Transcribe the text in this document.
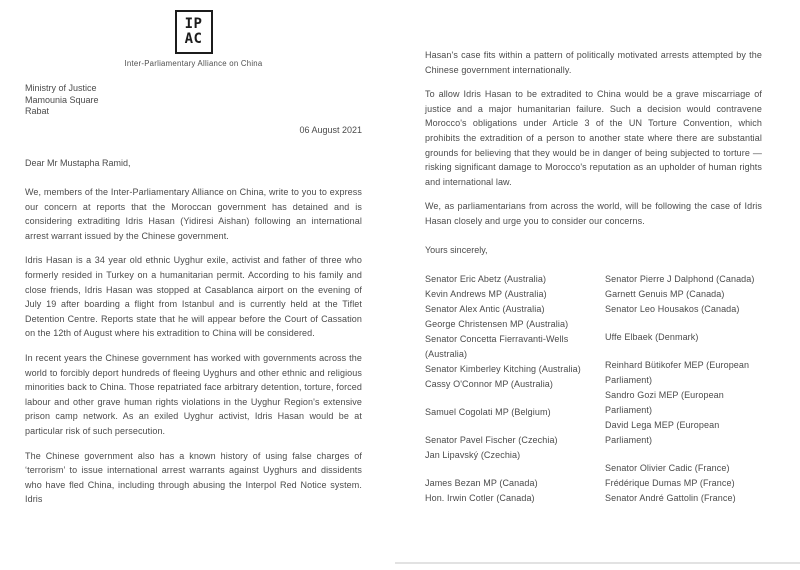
IP
AC
Inter-Parliamentary Alliance on China
Ministry of Justice
Mamounia Square
Rabat
06 August 2021
Dear Mr Mustapha Ramid,

We, members of the Inter-Parliamentary Alliance on China, write to you to express our concern at reports that the Moroccan government has detained and is considering extraditing Idris Hasan (Yidiresi Aishan) following an international arrest warrant issued by the Chinese government.

Idris Hasan is a 34 year old ethnic Uyghur exile, activist and father of three who formerly resided in Turkey on a humanitarian permit. According to his family and close friends, Idris Hasan was stopped at Casablanca airport on the evening of July 19 after boarding a flight from Istanbul and is currently held at the Tiflet Detention Centre. Reports state that he will appear before the Court of Cassation on the 12th of August where his extradition to China will be considered.

In recent years the Chinese government has worked with governments across the world to forcibly deport hundreds of fleeing Uyghurs and other ethnic and religious minorities back to China. Those repatriated face arbitrary detention, torture, forced labour and other grave human rights violations in the Uyghur Region's extensive prison camp network. As an exiled Uyghur activist, Idris Hasan would be at particular risk of such persecution.

The Chinese government also has a known history of using false charges of ‘terrorism’ to issue international arrest warrants against Uyghurs and dissidents who have fled China, including through abusing the Interpol Red Notice system. Idris

Hasan's case fits within a pattern of politically motivated arrests attempted by the Chinese government internationally.

To allow Idris Hasan to be extradited to China would be a grave miscarriage of justice and a major humanitarian failure. Such a decision would contravene Morocco's obligations under Article 3 of the UN Torture Convention, which prohibits the extradition of a person to another state where there are substantial grounds for believing that they would be in danger of being subjected to torture — risking significant damage to Morocco's reputation as an upholder of human rights and international law.

We, as parliamentarians from across the world, will be following the case of Idris Hasan closely and urge you to consider our concerns.

Yours sincerely,
Senator Eric Abetz (Australia)
Kevin Andrews MP (Australia)
Senator Alex Antic (Australia)
George Christensen MP (Australia)
Senator Concetta Fierravanti-Wells (Australia)
Senator Kimberley Kitching (Australia)
Cassy O'Connor MP (Australia)
Samuel Cogolati MP (Belgium)
Senator Pavel Fischer (Czechia)
Jan Lipavský (Czechia)
James Bezan MP (Canada)
Hon. Irwin Cotler (Canada)
Senator Pierre J Dalphond (Canada)
Garnett Genuis MP (Canada)
Senator Leo Housakos (Canada)
Uffe Elbaek (Denmark)
Reinhard Bütikofer MEP (European Parliament)
Sandro Gozi MEP (European Parliament)
David Lega MEP (European Parliament)
Senator Olivier Cadic (France)
Frédérique Dumas MP (France)
Senator André Gattolin (France)
